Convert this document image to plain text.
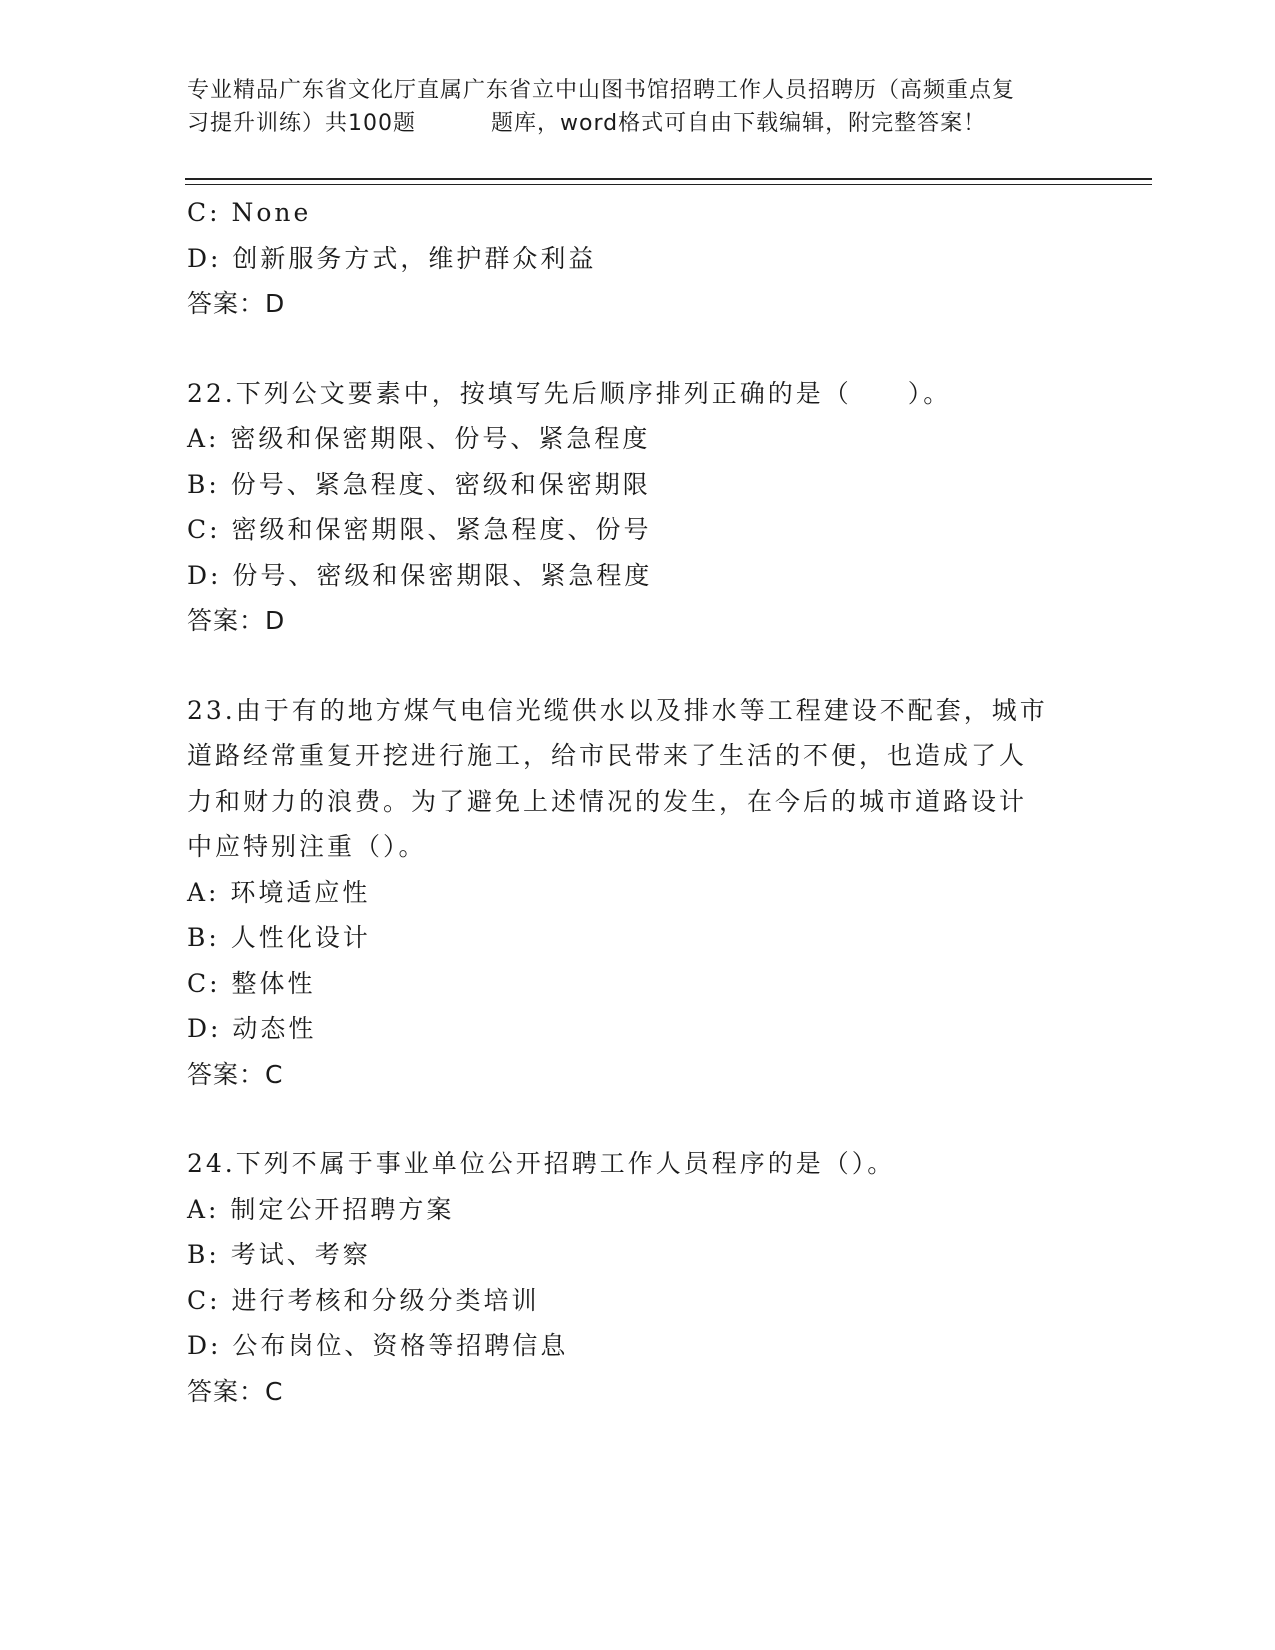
专业精品广东省文化厅直属广东省立中山图书馆招聘工作人员招聘历（高频重点复
习提升训练）共100题	题库，word格式可自由下载编辑，附完整答案！
C: None
D: 创新服务方式，维护群众利益
答案：D
22.下列公文要素中，按填写先后顺序排列正确的是（　　）。
A: 密级和保密期限、份号、紧急程度
B: 份号、紧急程度、密级和保密期限
C: 密级和保密期限、紧急程度、份号
D: 份号、密级和保密期限、紧急程度
答案：D
23.由于有的地方煤气电信光缆供水以及排水等工程建设不配套，城市
道路经常重复开挖进行施工，给市民带来了生活的不便，也造成了人
力和财力的浪费。为了避免上述情况的发生，在今后的城市道路设计
中应特别注重（）。
A: 环境适应性
B: 人性化设计
C: 整体性
D: 动态性
答案：C
24.下列不属于事业单位公开招聘工作人员程序的是（）。
A: 制定公开招聘方案
B: 考试、考察
C: 进行考核和分级分类培训
D: 公布岗位、资格等招聘信息
答案：C
